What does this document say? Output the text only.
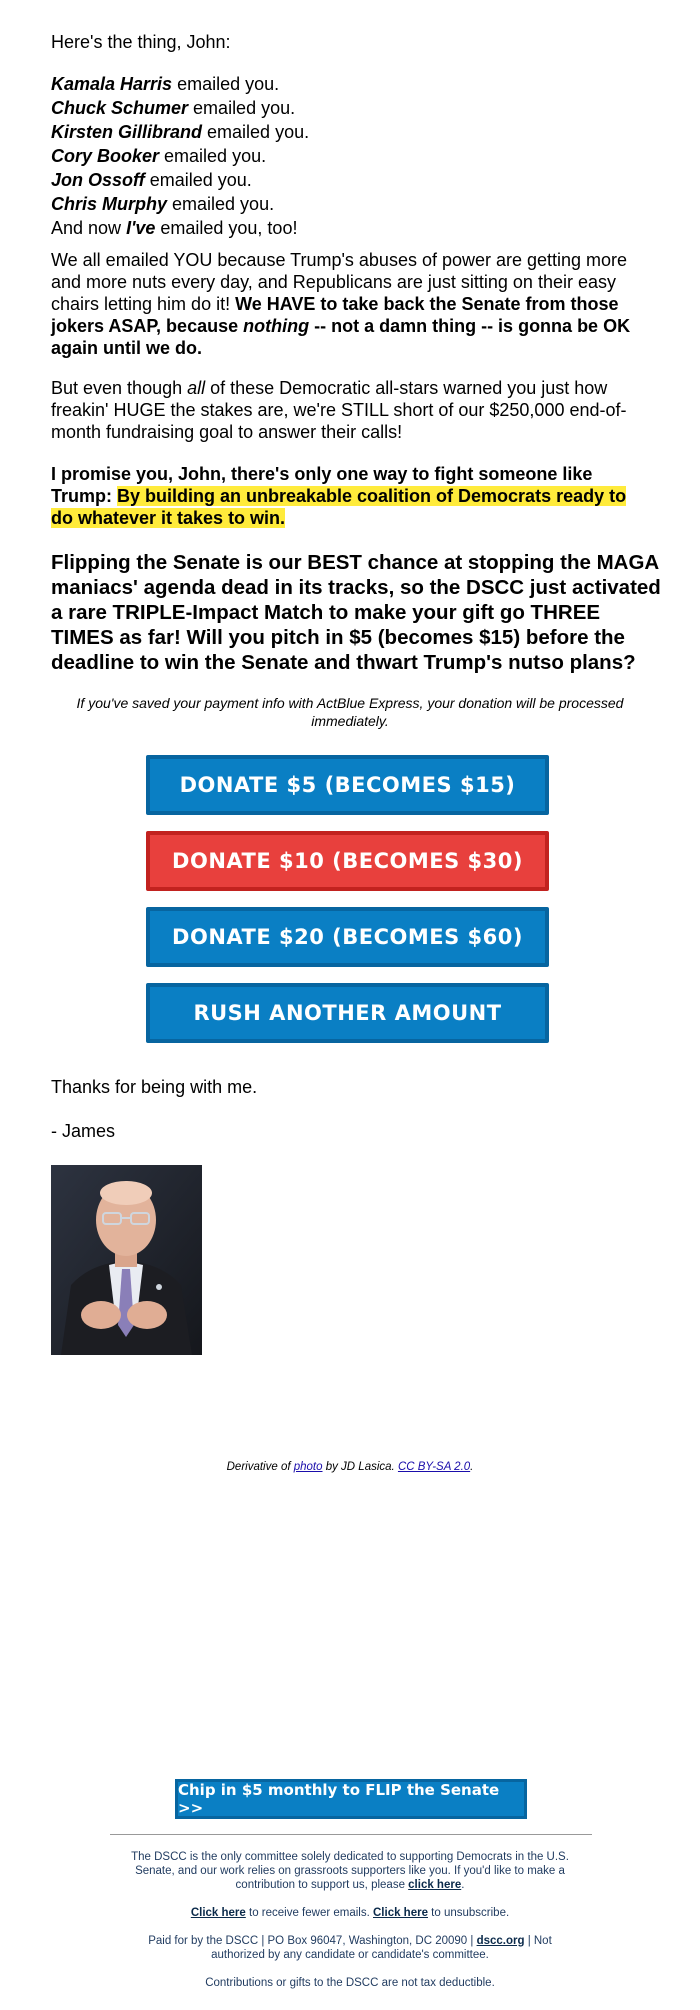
Here's the thing, John:

Kamala Harris emailed you.
Chuck Schumer emailed you.
Kirsten Gillibrand emailed you.
Cory Booker emailed you.
Jon Ossoff emailed you.
Chris Murphy emailed you.
And now I've emailed you, too!

We all emailed YOU because Trump's abuses of power are getting more and more nuts every day, and Republicans are just sitting on their easy chairs letting him do it! We HAVE to take back the Senate from those jokers ASAP, because nothing -- not a damn thing -- is gonna be OK again until we do.

But even though all of these Democratic all-stars warned you just how freakin' HUGE the stakes are, we're STILL short of our $250,000 end-of-month fundraising goal to answer their calls!

I promise you, John, there's only one way to fight someone like Trump: By building an unbreakable coalition of Democrats ready to do whatever it takes to win.

Flipping the Senate is our BEST chance at stopping the MAGA maniacs' agenda dead in its tracks, so the DSCC just activated a rare TRIPLE-Impact Match to make your gift go THREE TIMES as far! Will you pitch in $5 (becomes $15) before the deadline to win the Senate and thwart Trump's nutso plans?

If you've saved your payment info with ActBlue Express, your donation will be processed immediately.

DONATE $5 (BECOMES $15)
DONATE $10 (BECOMES $30)
DONATE $20 (BECOMES $60)
RUSH ANOTHER AMOUNT

Thanks for being with me.

- James

Derivative of photo by JD Lasica. CC BY-SA 2.0.

Chip in $5 monthly to FLIP the Senate >>

The DSCC is the only committee solely dedicated to supporting Democrats in the U.S. Senate, and our work relies on grassroots supporters like you. If you'd like to make a contribution to support us, please click here.

Click here to receive fewer emails. Click here to unsubscribe.

Paid for by the DSCC | PO Box 96047, Washington, DC 20090 | dscc.org | Not authorized by any candidate or candidate's committee.

Contributions or gifts to the DSCC are not tax deductible.
